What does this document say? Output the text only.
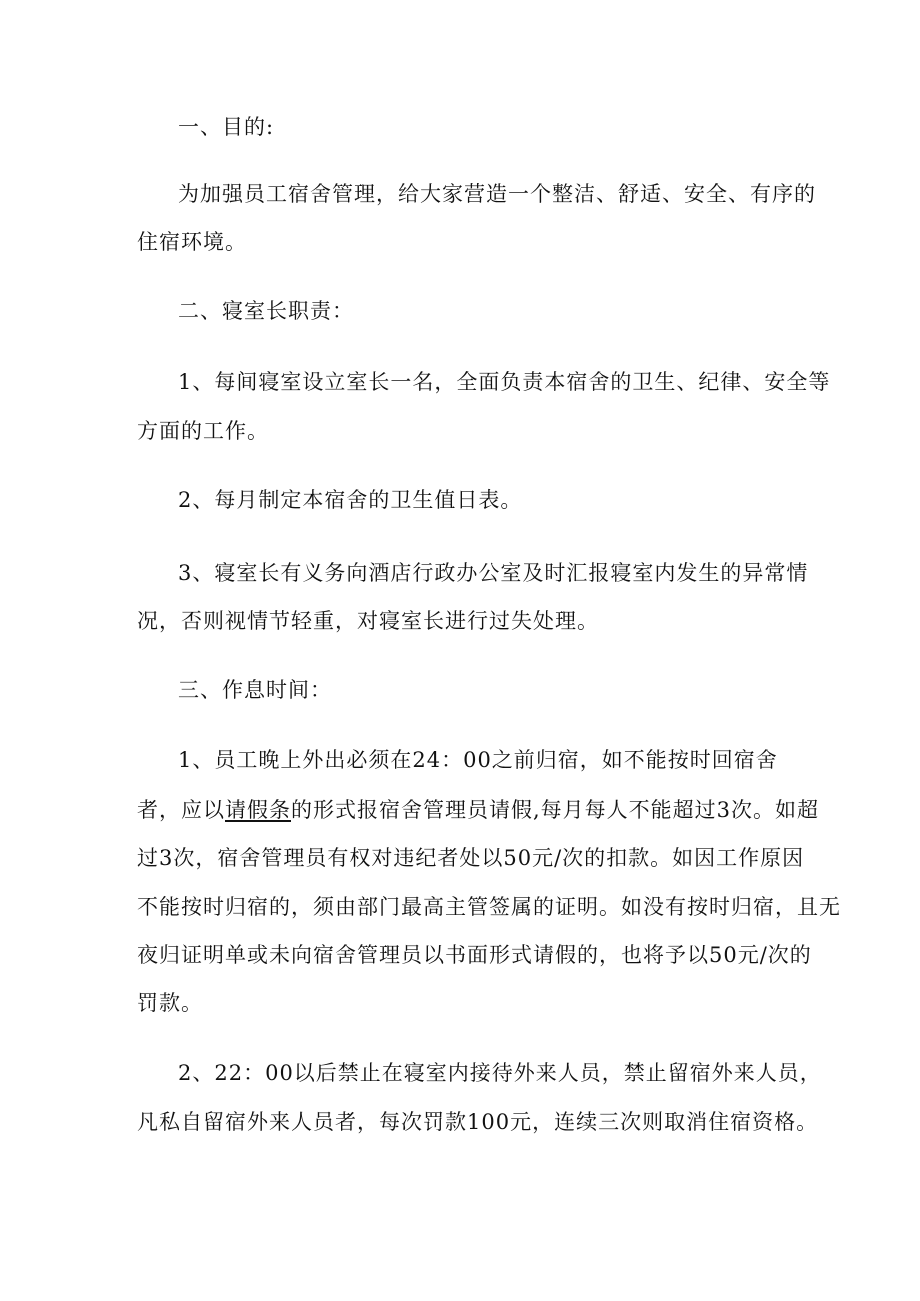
一、目的:
为加强员工宿舍管理，给大家营造一个整洁、舒适、安全、有序的
住宿环境。
二、寝室长职责：
1、每间寝室设立室长一名，全面负责本宿舍的卫生、纪律、安全等
方面的工作。
2、每月制定本宿舍的卫生值日表。
3、寝室长有义务向酒店行政办公室及时汇报寝室内发生的异常情
况，否则视情节轻重，对寝室长进行过失处理。
三、作息时间：
1、员工晚上外出必须在24：00之前归宿，如不能按时回宿舍
者，应以请假条的形式报宿舍管理员请假,每月每人不能超过3次。如超
过3次，宿舍管理员有权对违纪者处以50元/次的扣款。如因工作原因
不能按时归宿的，须由部门最高主管签属的证明。如没有按时归宿，且无
夜归证明单或未向宿舍管理员以书面形式请假的，也将予以50元/次的
罚款。
2、22：00以后禁止在寝室内接待外来人员，禁止留宿外来人员，
凡私自留宿外来人员者，每次罚款100元，连续三次则取消住宿资格。
